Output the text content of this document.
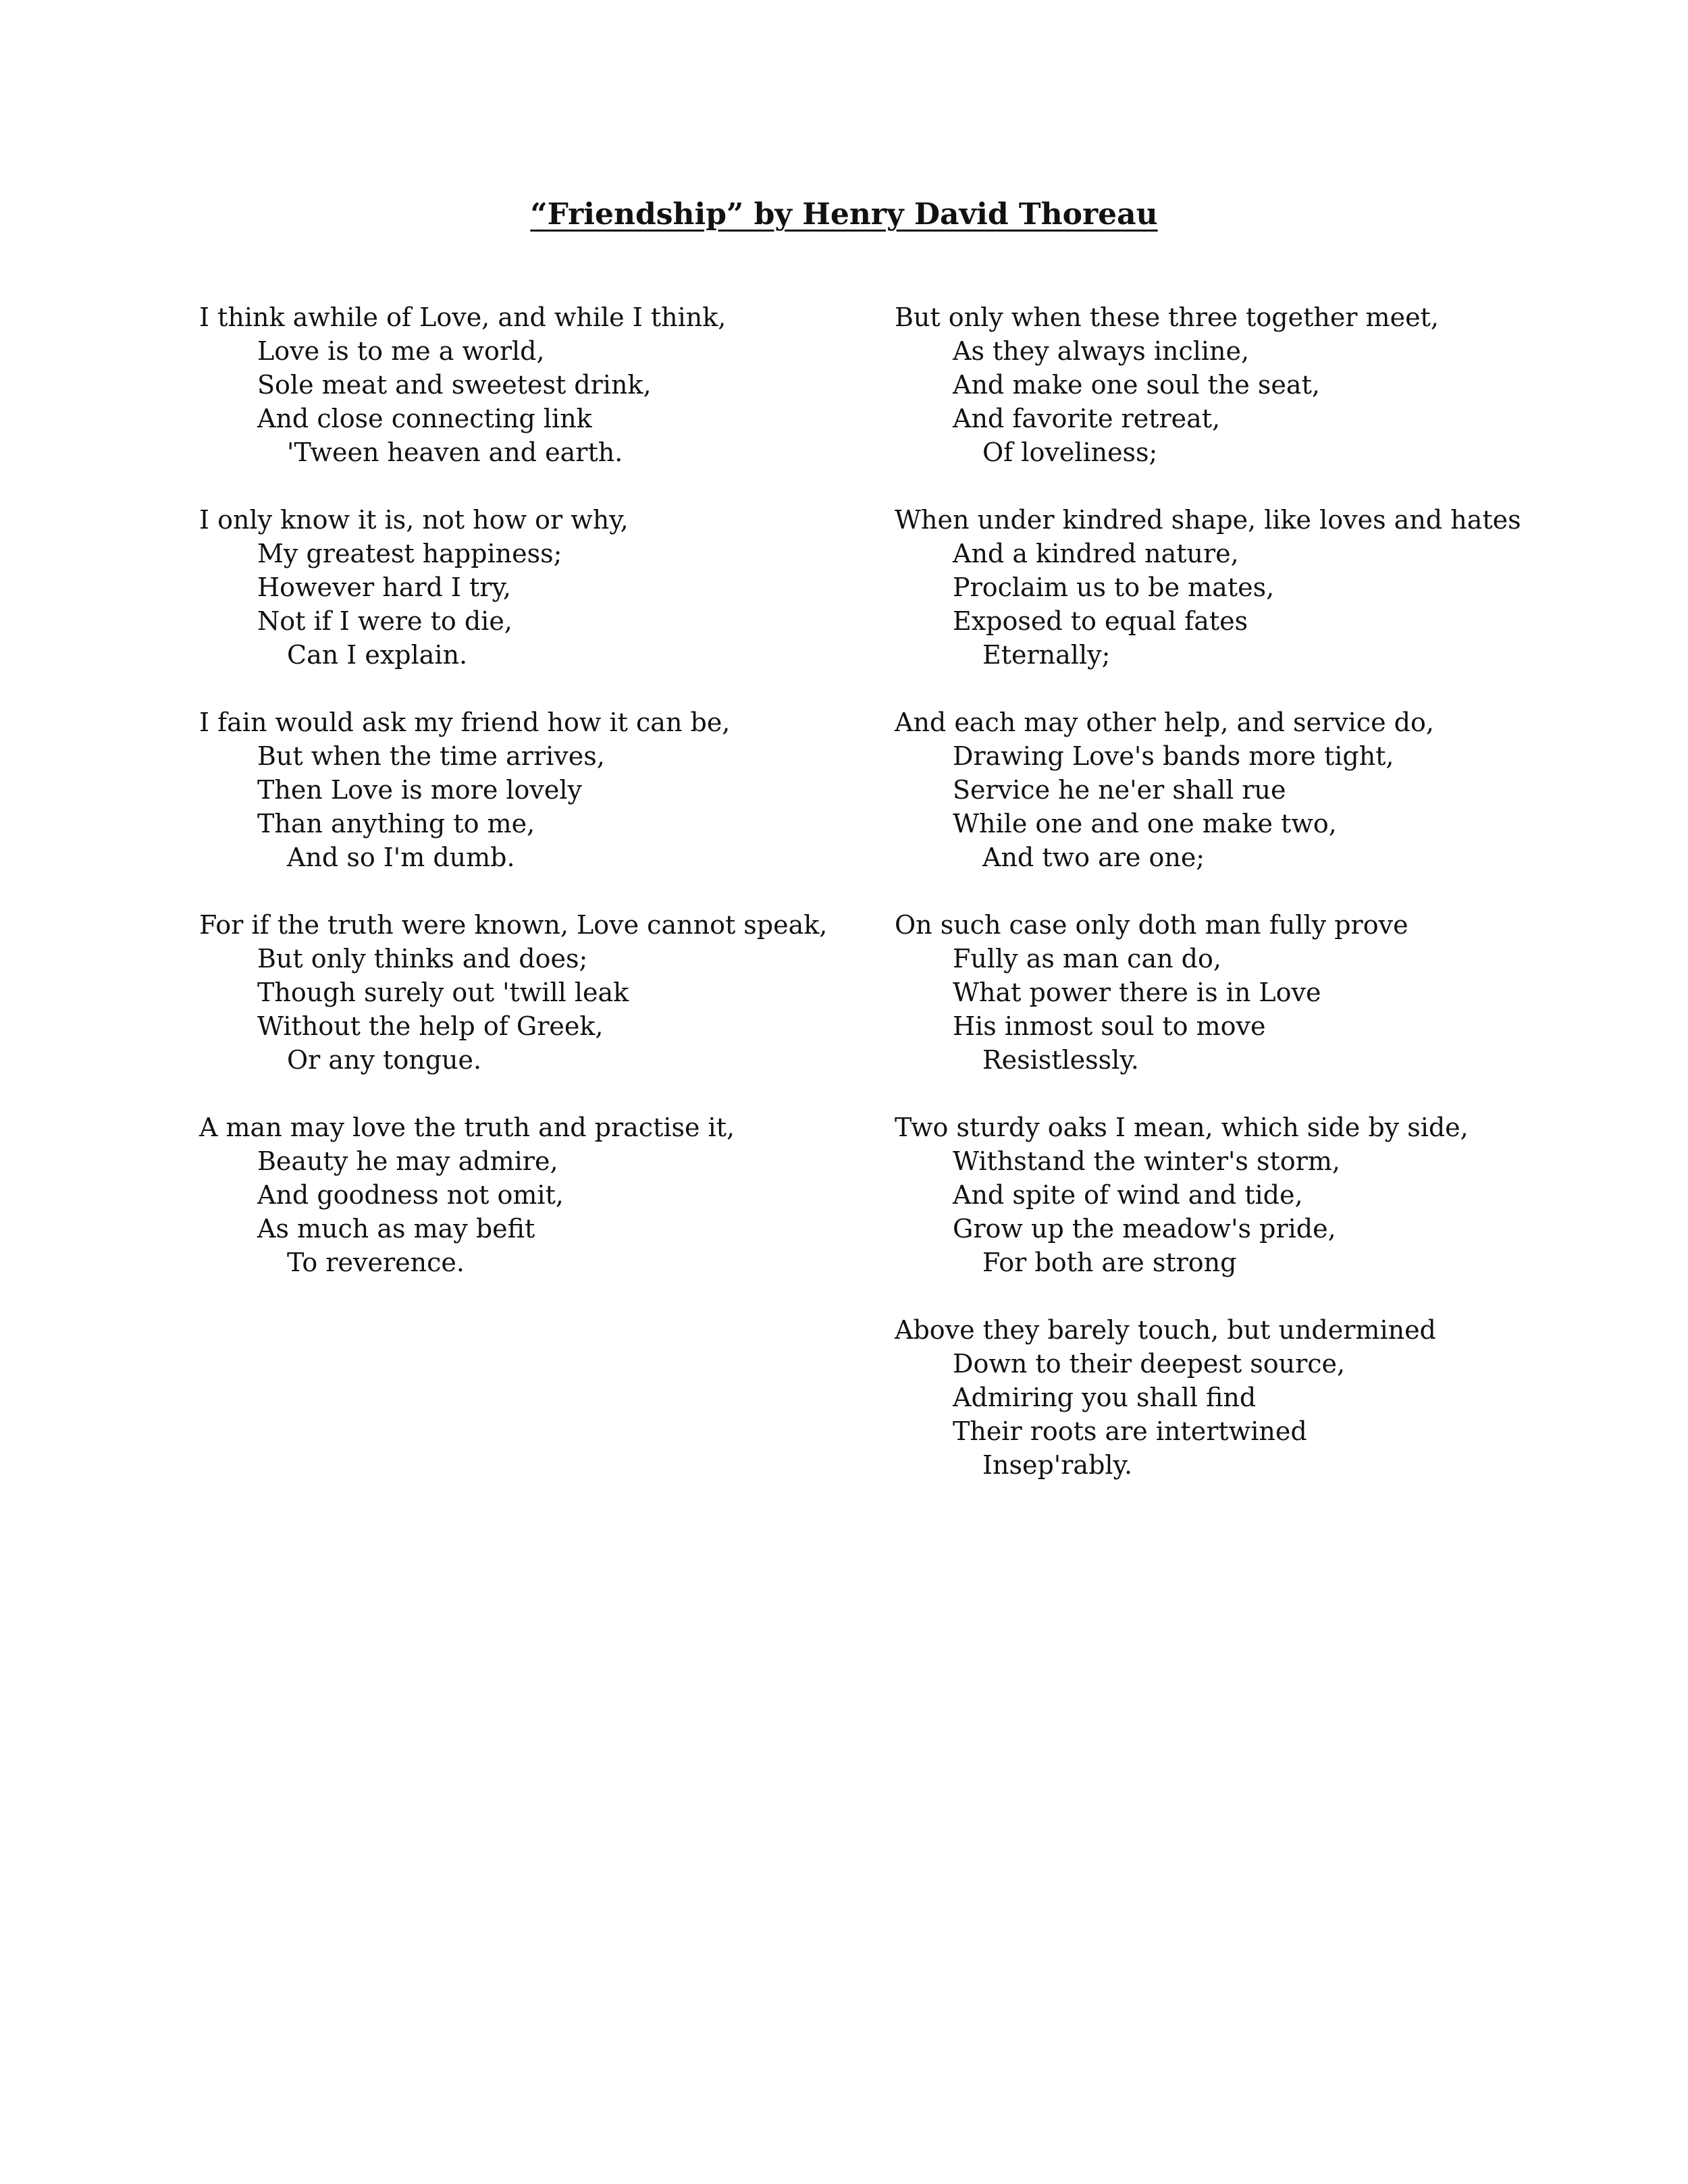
“Friendship” by Henry David Thoreau
I think awhile of Love, and while I think,
Love is to me a world,
Sole meat and sweetest drink,
And close connecting link
'Tween heaven and earth.
I only know it is, not how or why,
My greatest happiness;
However hard I try,
Not if I were to die,
Can I explain.
I fain would ask my friend how it can be,
But when the time arrives,
Then Love is more lovely
Than anything to me,
And so I'm dumb.
For if the truth were known, Love cannot speak,
But only thinks and does;
Though surely out 'twill leak
Without the help of Greek,
Or any tongue.
A man may love the truth and practise it,
Beauty he may admire,
And goodness not omit,
As much as may befit
To reverence.
But only when these three together meet,
As they always incline,
And make one soul the seat,
And favorite retreat,
Of loveliness;
When under kindred shape, like loves and hates
And a kindred nature,
Proclaim us to be mates,
Exposed to equal fates
Eternally;
And each may other help, and service do,
Drawing Love's bands more tight,
Service he ne'er shall rue
While one and one make two,
And two are one;
On such case only doth man fully prove
Fully as man can do,
What power there is in Love
His inmost soul to move
Resistlessly.
Two sturdy oaks I mean, which side by side,
Withstand the winter's storm,
And spite of wind and tide,
Grow up the meadow's pride,
For both are strong
Above they barely touch, but undermined
Down to their deepest source,
Admiring you shall find
Their roots are intertwined
Insep'rably.
